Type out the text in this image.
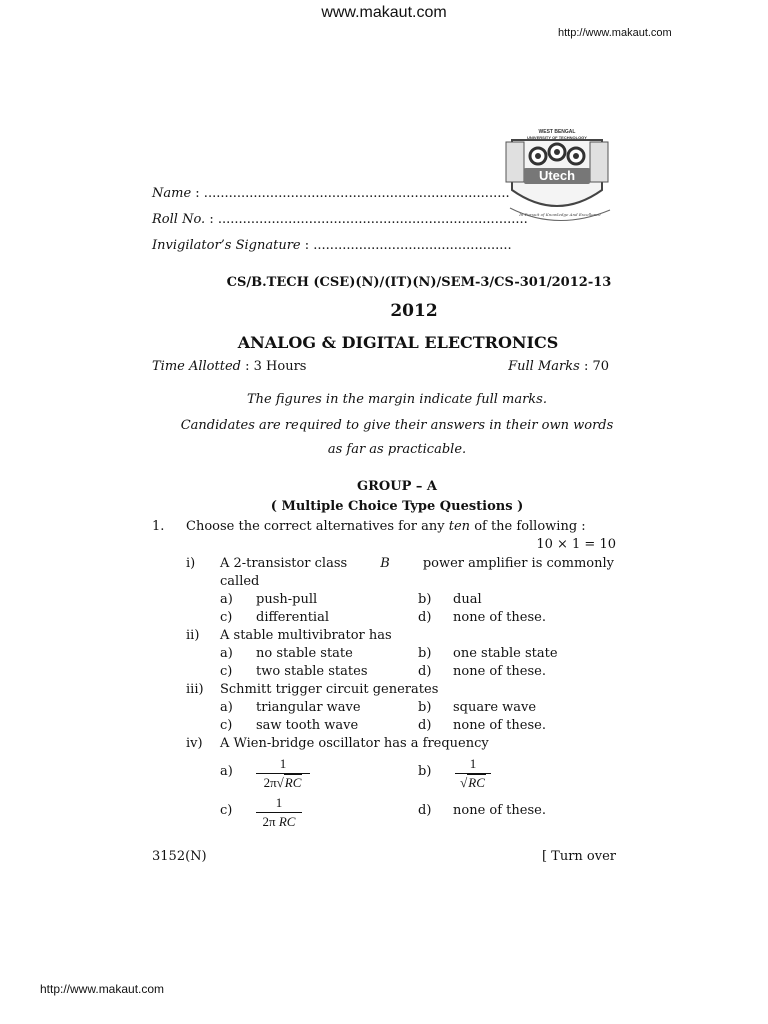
www.makaut.com
http://www.makaut.com
WEST BENGAL
UNIVERSITY OF TECHNOLOGY
Utech
In Pursuit of Knowledge And Excellence
Name : ..........................................................................
Roll No. : ...........................................................................
Invigilator’s Signature : ................................................
CS/B.TECH (CSE)(N)/(IT)(N)/SEM-3/CS-301/2012-13
2012
ANALOG & DIGITAL ELECTRONICS
Time Allotted : 3 Hours	Full Marks : 70
The figures in the margin indicate full marks.
Candidates are required to give their answers in their own words
as far as practicable.
GROUP – A
( Multiple Choice Type Questions )
1. Choose the correct alternatives for any ten of the following :
10 × 1 = 10
i) A 2-transistor class	B	power amplifier is commonly
called
a) push-pull	b) dual
c) differential	d) none of these.
ii) A stable multivibrator has
a) no stable state	b) one stable state
c) two stable states	d) none of these.
iii) Schmitt trigger circuit generates
a) triangular wave	b) square wave
c) saw tooth wave	d) none of these.
iv) A Wien-bridge oscillator has a frequency
a)
1
2π√RC
b)
1
√RC
c)
1
2π RC
d) none of these.
3152(N)	[ Turn over
http://www.makaut.com
